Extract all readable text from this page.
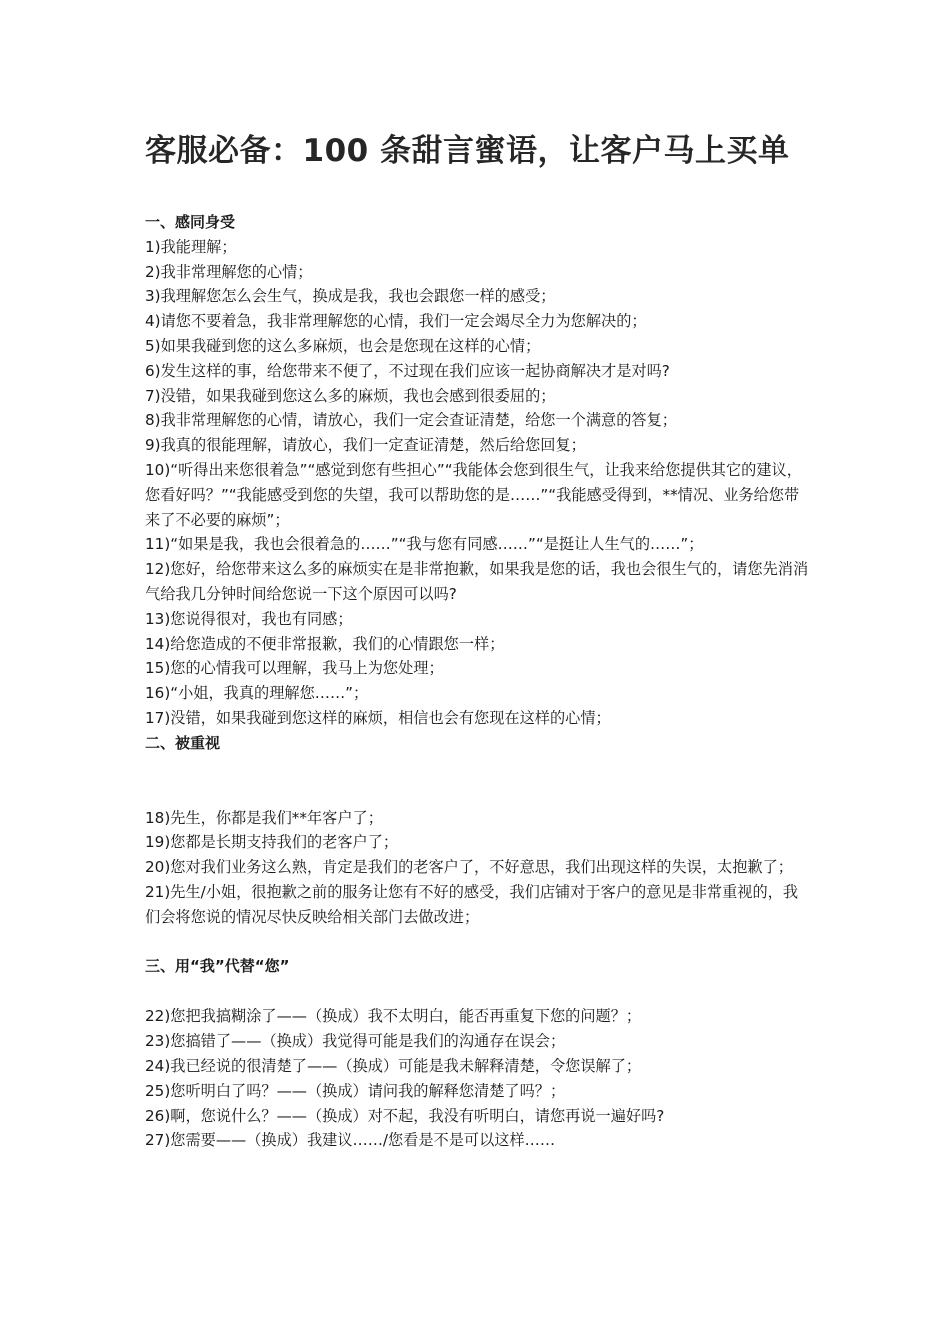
客服必备：100 条甜言蜜语，让客户马上买单

一、感同身受

1)我能理解；

2)我非常理解您的心情；

3)我理解您怎么会生气，换成是我，我也会跟您一样的感受；

4)请您不要着急，我非常理解您的心情，我们一定会竭尽全力为您解决的；

5)如果我碰到您的这么多麻烦，也会是您现在这样的心情；

6)发生这样的事，给您带来不便了，不过现在我们应该一起协商解决才是对吗?

7)没错，如果我碰到您这么多的麻烦，我也会感到很委屈的；

8)我非常理解您的心情，请放心，我们一定会查证清楚，给您一个满意的答复；

9)我真的很能理解，请放心，我们一定查证清楚，然后给您回复；

10)“听得出来您很着急”“感觉到您有些担心”“我能体会您到很生气，让我来给您提供其它的建议，您看好吗？”“我能感受到您的失望，我可以帮助您的是……”“我能感受得到，**情况、业务给您带来了不必要的麻烦”；

11)“如果是我，我也会很着急的……”“我与您有同感……”“是挺让人生气的……”；

12)您好，给您带来这么多的麻烦实在是非常抱歉，如果我是您的话，我也会很生气的，请您先消消气给我几分钟时间给您说一下这个原因可以吗?

13)您说得很对，我也有同感；

14)给您造成的不便非常报歉，我们的心情跟您一样；

15)您的心情我可以理解，我马上为您处理；

16)“小姐，我真的理解您……”；

17)没错，如果我碰到您这样的麻烦，相信也会有您现在这样的心情；

二、被重视

18)先生，你都是我们**年客户了；

19)您都是长期支持我们的老客户了；

20)您对我们业务这么熟，肯定是我们的老客户了，不好意思，我们出现这样的失误，太抱歉了；

21)先生/小姐，很抱歉之前的服务让您有不好的感受，我们店铺对于客户的意见是非常重视的，我们会将您说的情况尽快反映给相关部门去做改进；

三、用“我”代替“您”

22)您把我搞糊涂了——（换成）我不太明白，能否再重复下您的问题？；

23)您搞错了——（换成）我觉得可能是我们的沟通存在误会；

24)我已经说的很清楚了——（换成）可能是我未解释清楚，令您误解了；

25)您听明白了吗？——（换成）请问我的解释您清楚了吗？；

26)啊，您说什么？——（换成）对不起，我没有听明白，请您再说一遍好吗?

27)您需要——（换成）我建议……/您看是不是可以这样……
